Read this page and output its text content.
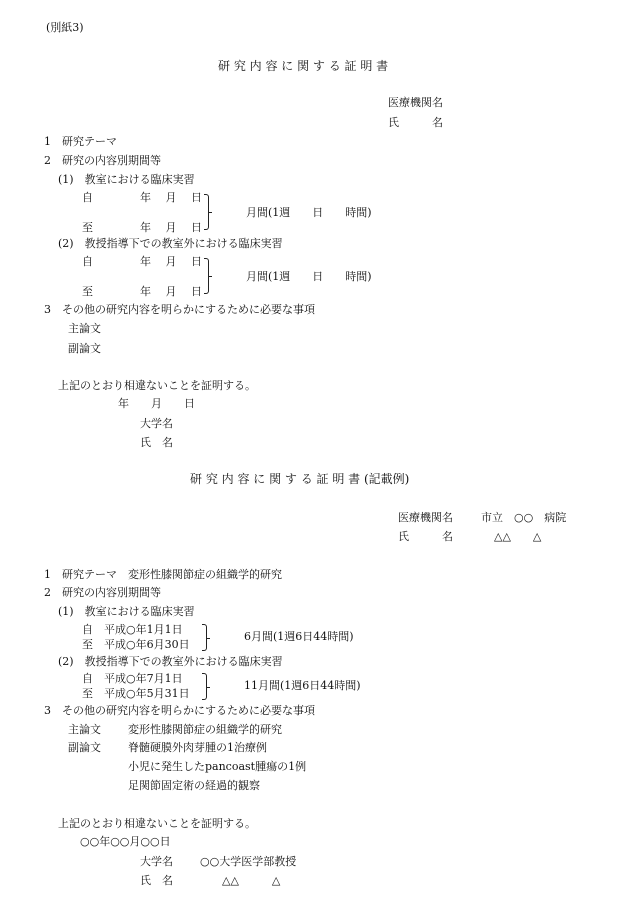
(別紙3)
研 究 内 容 に 関 す る 証 明 書
医療機関名
氏　　　名
1　研究テーマ
2　研究の内容別期間等
(1)　教室における臨床実習
自	年　 月　 日
至	年　 月　 日
月間(1週　　日　　時間)
(2)　教授指導下での教室外における臨床実習
自	年　 月　 日
至	年　 月　 日
月間(1週　　日　　時間)
3　その他の研究内容を明らかにするために必要な事項
主論文
副論文
上記のとおり相違ないことを証明する。
年　　月　　日
大学名
氏　名
研 究 内 容 に 関 す る 証 明 書 (記載例)
医療機関名	市立　○○　病院
氏　　　名	△△　　△
1　研究テーマ　変形性膝関節症の組織学的研究
2　研究の内容別期間等
(1)　教室における臨床実習
自　平成○年1月1日
至　平成○年6月30日
6月間(1週6日44時間)
(2)　教授指導下での教室外における臨床実習
自　平成○年7月1日
至　平成○年5月31日
11月間(1週6日44時間)
3　その他の研究内容を明らかにするために必要な事項
主論文 変形性膝関節症の組織学的研究
副論文 脊髄硬膜外肉芽腫の1治療例
小児に発生したpancoast腫瘍の1例
足関節固定術の経過的観察
上記のとおり相違ないことを証明する。
○○年○○月○○日
大学名 ○○大学医学部教授
氏　名	△△　　　△
